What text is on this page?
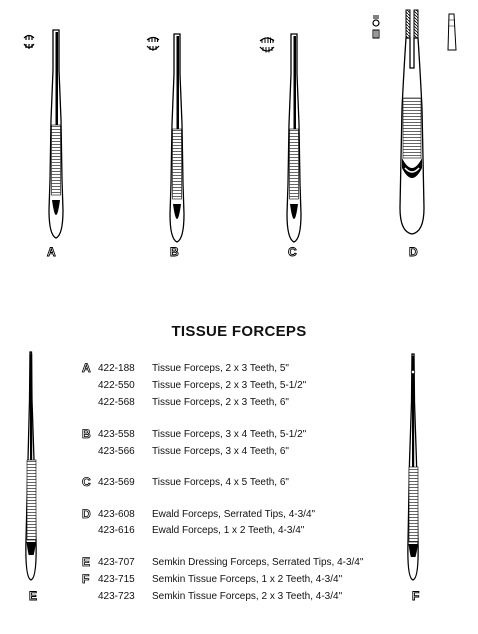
A	B	C	D
TISSUE FORCEPS
E	F
A 422-188 Tissue Forceps, 2 x 3 Teeth, 5"
422-550 Tissue Forceps, 2 x 3 Teeth, 5-1/2"
422-568 Tissue Forceps, 2 x 3 Teeth, 6"
B 423-558 Tissue Forceps, 3 x 4 Teeth, 5-1/2"
423-566 Tissue Forceps, 3 x 4 Teeth, 6"
C 423-569 Tissue Forceps, 4 x 5 Teeth, 6"
D 423-608 Ewald Forceps, Serrated Tips, 4-3/4"
423-616 Ewald Forceps, 1 x 2 Teeth, 4-3/4"
E 423-707 Semkin Dressing Forceps, Serrated Tips, 4-3/4"
F 423-715 Semkin Tissue Forceps, 1 x 2 Teeth, 4-3/4"
423-723 Semkin Tissue Forceps, 2 x 3 Teeth, 4-3/4"
